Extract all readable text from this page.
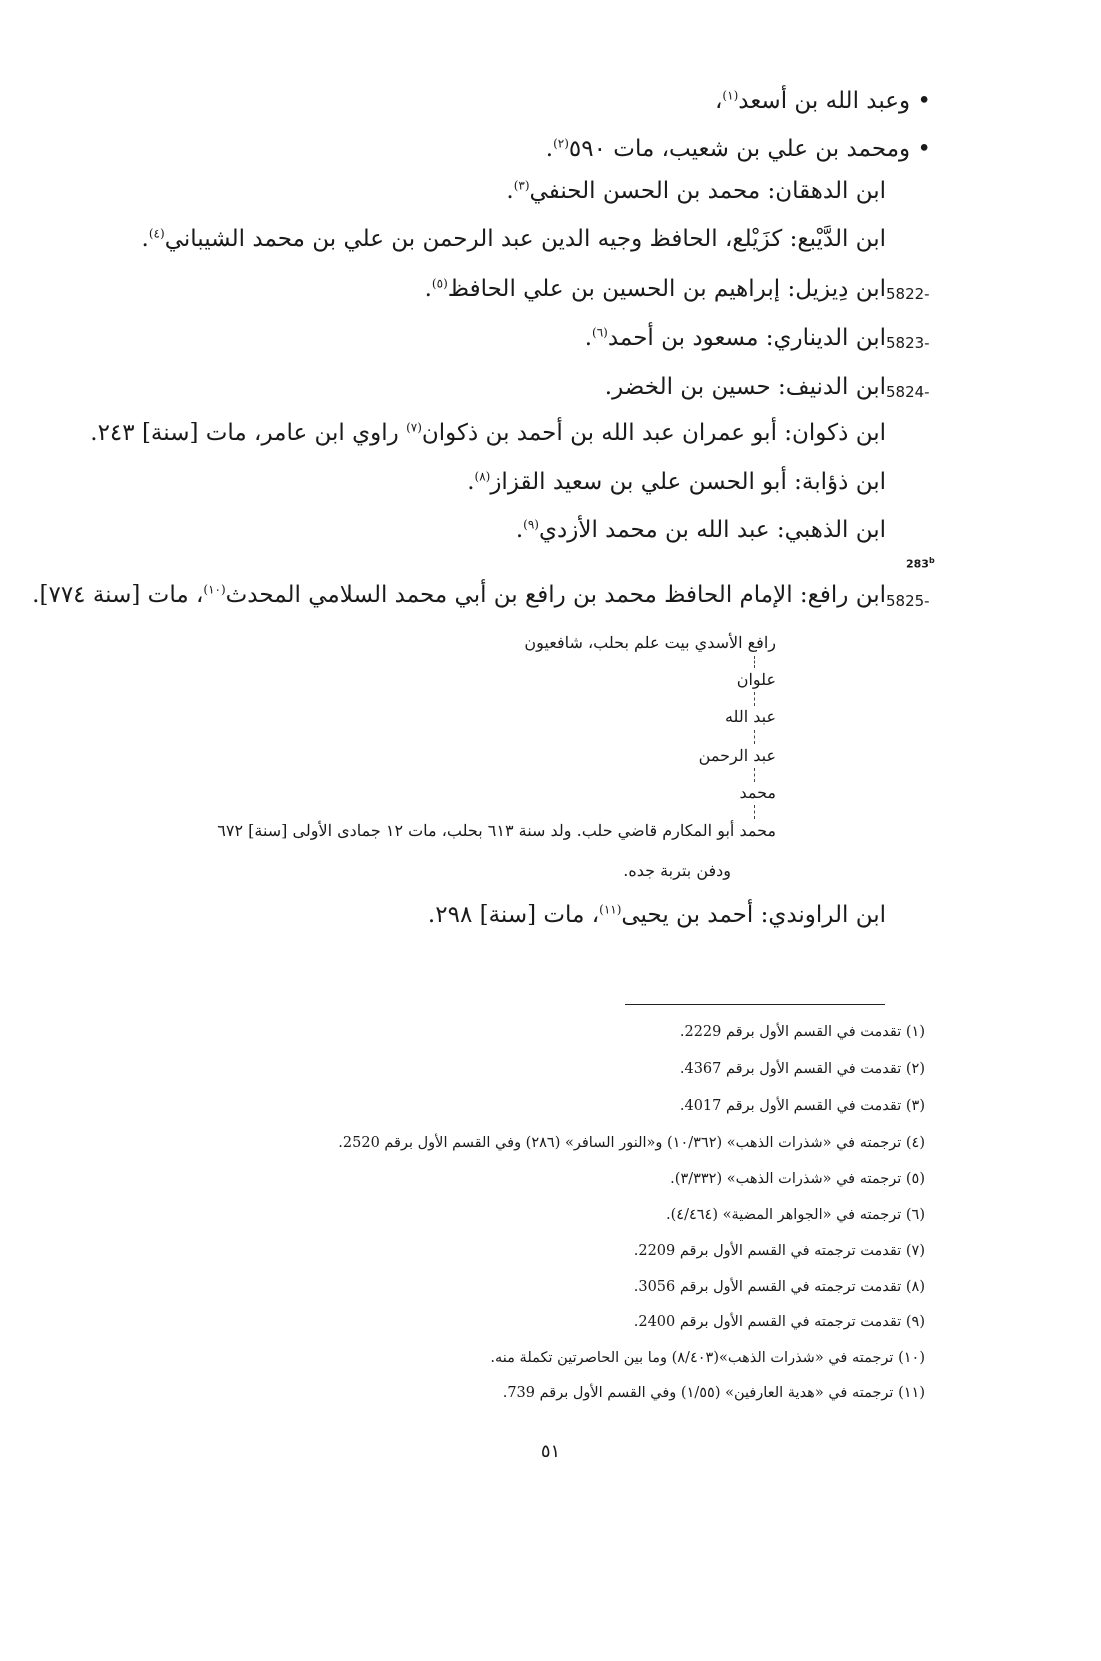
• وعبد الله بن أسعد$^{(١)}$،
• ومحمد بن علي بن شعيب، مات ٥٩٠$^{(٢)}$.
ابن الدهقان: محمد بن الحسن الحنفي$^{(٣)}$.
ابن الدَّيْبع: كزَيْلع، الحافظ وجيه الدين عبد الرحمن بن علي بن محمد الشيباني$^{(٤)}$.
5822-
ابن دِيزيل: إبراهيم بن الحسين بن علي الحافظ$^{(٥)}$.
5823-
ابن الديناري: مسعود بن أحمد$^{(٦)}$.
5824-
ابن الدنيف: حسين بن الخضر.
ابن ذكوان: أبو عمران عبد الله بن أحمد بن ذكوان$^{(٧)}$ راوي ابن عامر، مات [سنة] ٢٤٣.
ابن ذؤابة: أبو الحسن علي بن سعيد القزاز$^{(٨)}$.
ابن الذهبي: عبد الله بن محمد الأزدي$^{(٩)}$.
283$^b$
5825-
ابن رافع: الإمام الحافظ محمد بن رافع بن أبي محمد السلامي المحدث$^{(١٠)}$، مات [سنة ٧٧٤].
رافع الأسدي بيت علم بحلب، شافعيون
علوان
عبد الله
عبد الرحمن
محمد
محمد أبو المكارم قاضي حلب. ولد سنة ٦١٣ بحلب، مات ١٢ جمادى الأولى [سنة] ٦٧٢
ودفن بتربة جده.
ابن الراوندي: أحمد بن يحيى$^{(١١)}$، مات [سنة] ٢٩٨.
(١) تقدمت في القسم الأول برقم 2229.
(٢) تقدمت في القسم الأول برقم 4367.
(٣) تقدمت في القسم الأول برقم 4017.
(٤) ترجمته في «شذرات الذهب» (١٠/٣٦٢) و«النور السافر» (٢٨٦) وفي القسم الأول برقم 2520.
(٥) ترجمته في «شذرات الذهب» (٣/٣٣٢).
(٦) ترجمته في «الجواهر المضية» (٤/٤٦٤).
(٧) تقدمت ترجمته في القسم الأول برقم 2209.
(٨) تقدمت ترجمته في القسم الأول برقم 3056.
(٩) تقدمت ترجمته في القسم الأول برقم 2400.
(١٠) ترجمته في «شذرات الذهب»(٨/٤٠٣) وما بين الحاصرتين تكملة منه.
(١١) ترجمته في «هدية العارفين» (١/٥٥) وفي القسم الأول برقم 739.
٥١
